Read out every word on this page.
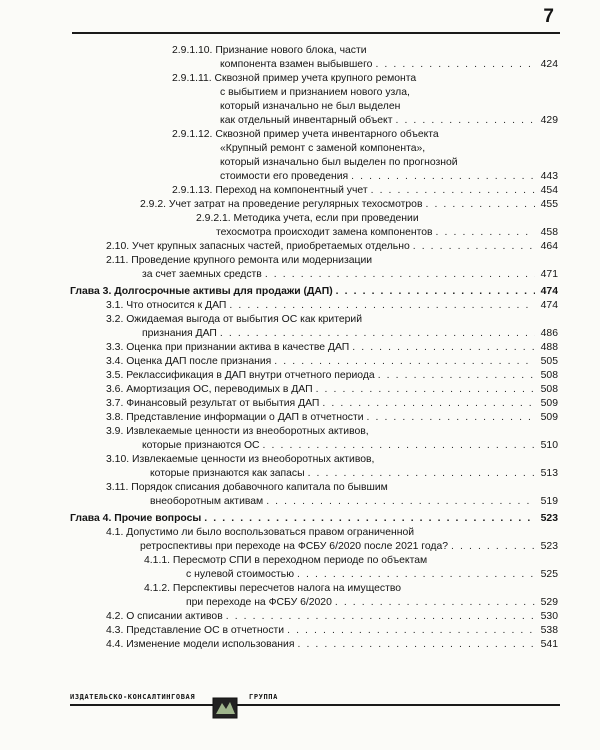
7
2.9.1.10. Признание нового блока, части
компонента взамен выбывшего . . .	424
2.9.1.11. Сквозной пример учета крупного ремонта
с выбытием и признанием нового узла,
который изначально не был выделен
как отдельный инвентарный объект . . .	429
2.9.1.12. Сквозной пример учета инвентарного объекта
«Крупный ремонт с заменой компонента»,
который изначально был выделен по прогнозной
стоимости его проведения . . .	443
2.9.1.13. Переход на компонентный учет . . .	454
2.9.2. Учет затрат на проведение регулярных техосмотров . . .	455
2.9.2.1. Методика учета, если при проведении
техосмотра происходит замена компонентов . . .	458
2.10. Учет крупных запасных частей, приобретаемых отдельно . . .	464
2.11. Проведение крупного ремонта или модернизации
за счет заемных средств . . .	471
Глава 3. Долгосрочные активы для продажи (ДАП) . . .	474
3.1. Что относится к ДАП . . .	474
3.2. Ожидаемая выгода от выбытия ОС как критерий
признания ДАП . . .	486
3.3. Оценка при признании актива в качестве ДАП . . .	488
3.4. Оценка ДАП после признания . . .	505
3.5. Реклассификация в ДАП внутри отчетного периода . . .	508
3.6. Амортизация ОС, переводимых в ДАП . . .	508
3.7. Финансовый результат от выбытия ДАП . . .	509
3.8. Представление информации о ДАП в отчетности . . .	509
3.9. Извлекаемые ценности из внеоборотных активов,
которые признаются ОС . . .	510
3.10. Извлекаемые ценности из внеоборотных активов,
которые признаются как запасы . . .	513
3.11. Порядок списания добавочного капитала по бывшим
внеоборотным активам . . .	519
Глава 4. Прочие вопросы . . .	523
4.1. Допустимо ли было воспользоваться правом ограниченной
ретроспективы при переходе на ФСБУ 6/2020 после 2021 года? . . .	523
4.1.1. Пересмотр СПИ в переходном периоде по объектам
с нулевой стоимостью . . .	525
4.1.2. Перспективы пересчетов налога на имущество
при переходе на ФСБУ 6/2020 . . .	529
4.2. О списании активов . . .	530
4.3. Представление ОС в отчетности . . .	538
4.4. Изменение модели использования . . .	541
ИЗДАТЕЛЬСКО-КОНСАЛТИНГОВАЯ	ГРУППА
